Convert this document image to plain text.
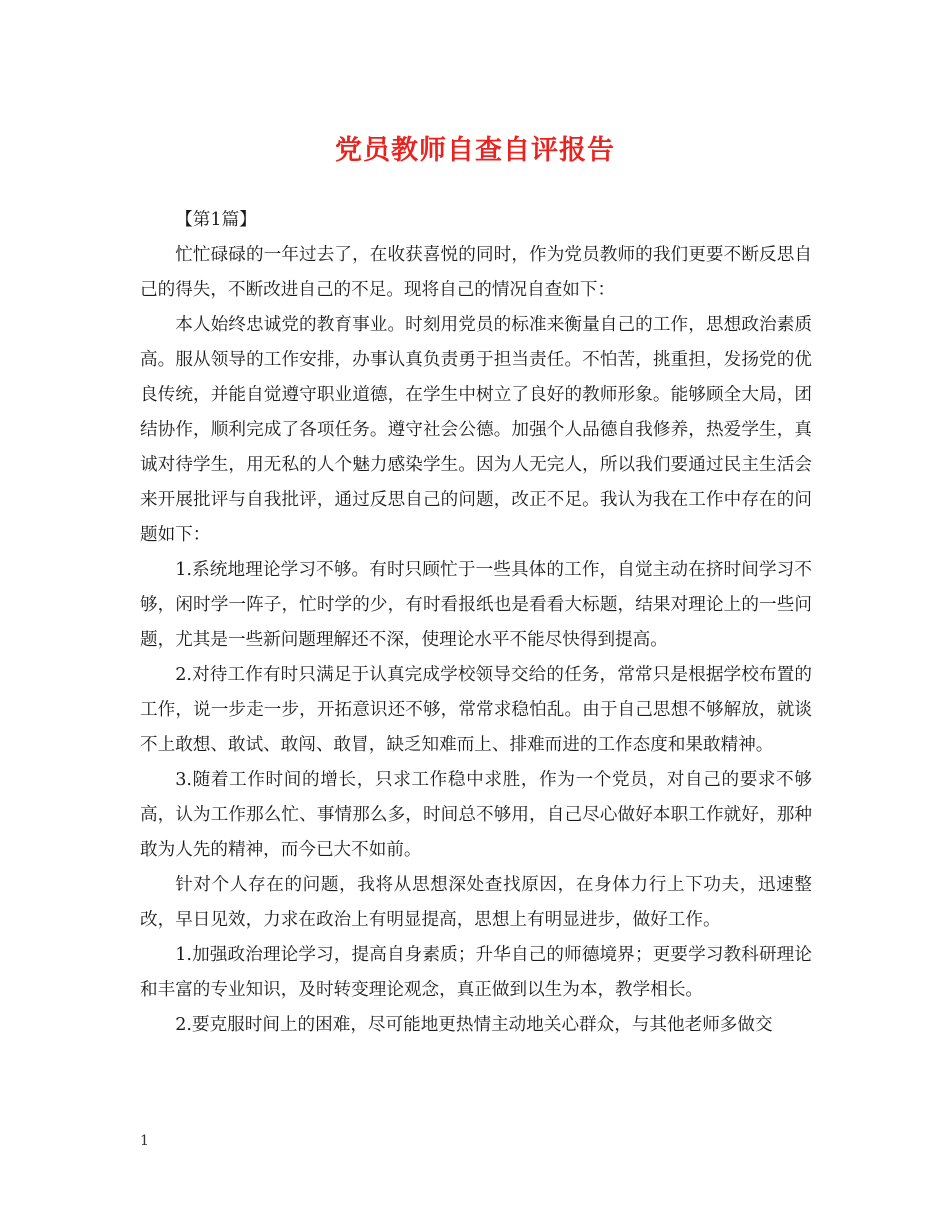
党员教师自查自评报告

【第1篇】

忙忙碌碌的一年过去了，在收获喜悦的同时，作为党员教师的我们更要不断反思自己的得失，不断改进自己的不足。现将自己的情况自查如下：

本人始终忠诚党的教育事业。时刻用党员的标准来衡量自己的工作，思想政治素质高。服从领导的工作安排，办事认真负责勇于担当责任。不怕苦，挑重担，发扬党的优良传统，并能自觉遵守职业道德，在学生中树立了良好的教师形象。能够顾全大局，团结协作，顺利完成了各项任务。遵守社会公德。加强个人品德自我修养，热爱学生，真诚对待学生，用无私的人个魅力感染学生。因为人无完人，所以我们要通过民主生活会来开展批评与自我批评，通过反思自己的问题，改正不足。我认为我在工作中存在的问题如下：

1.系统地理论学习不够。有时只顾忙于一些具体的工作，自觉主动在挤时间学习不够，闲时学一阵子，忙时学的少，有时看报纸也是看看大标题，结果对理论上的一些问题，尤其是一些新问题理解还不深，使理论水平不能尽快得到提高。

2.对待工作有时只满足于认真完成学校领导交给的任务，常常只是根据学校布置的工作，说一步走一步，开拓意识还不够，常常求稳怕乱。由于自己思想不够解放，就谈不上敢想、敢试、敢闯、敢冒，缺乏知难而上、排难而进的工作态度和果敢精神。

3.随着工作时间的增长，只求工作稳中求胜，作为一个党员，对自己的要求不够高，认为工作那么忙、事情那么多，时间总不够用，自己尽心做好本职工作就好，那种敢为人先的精神，而今已大不如前。

针对个人存在的问题，我将从思想深处查找原因，在身体力行上下功夫，迅速整改，早日见效，力求在政治上有明显提高，思想上有明显进步，做好工作。

1.加强政治理论学习，提高自身素质；升华自己的师德境界；更要学习教科研理论和丰富的专业知识，及时转变理论观念，真正做到以生为本，教学相长。

2.要克服时间上的困难，尽可能地更热情主动地关心群众，与其他老师多做交

1
